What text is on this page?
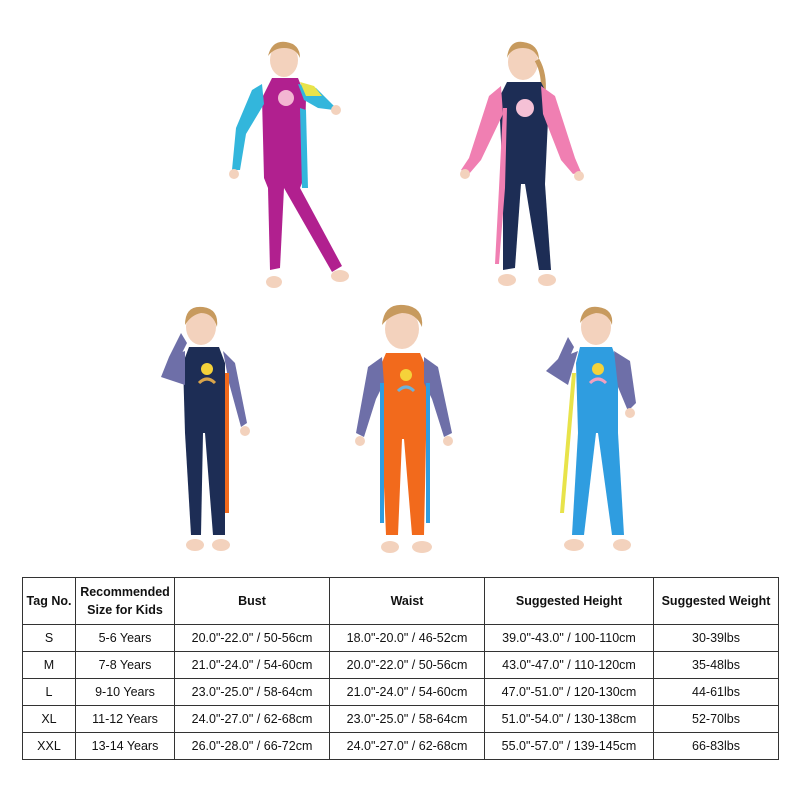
Tag No.	Recommended Size for Kids	Bust	Waist	Suggested Height	Suggested Weight
S	5-6 Years	20.0"-22.0" / 50-56cm	18.0"-20.0" / 46-52cm	39.0"-43.0" / 100-110cm	30-39lbs
M	7-8 Years	21.0"-24.0" / 54-60cm	20.0"-22.0" / 50-56cm	43.0"-47.0" / 110-120cm	35-48lbs
L	9-10 Years	23.0"-25.0" / 58-64cm	21.0"-24.0" / 54-60cm	47.0"-51.0" / 120-130cm	44-61lbs
XL	11-12 Years	24.0"-27.0" / 62-68cm	23.0"-25.0" / 58-64cm	51.0"-54.0" / 130-138cm	52-70lbs
XXL	13-14 Years	26.0"-28.0" / 66-72cm	24.0"-27.0" / 62-68cm	55.0"-57.0" / 139-145cm	66-83lbs
